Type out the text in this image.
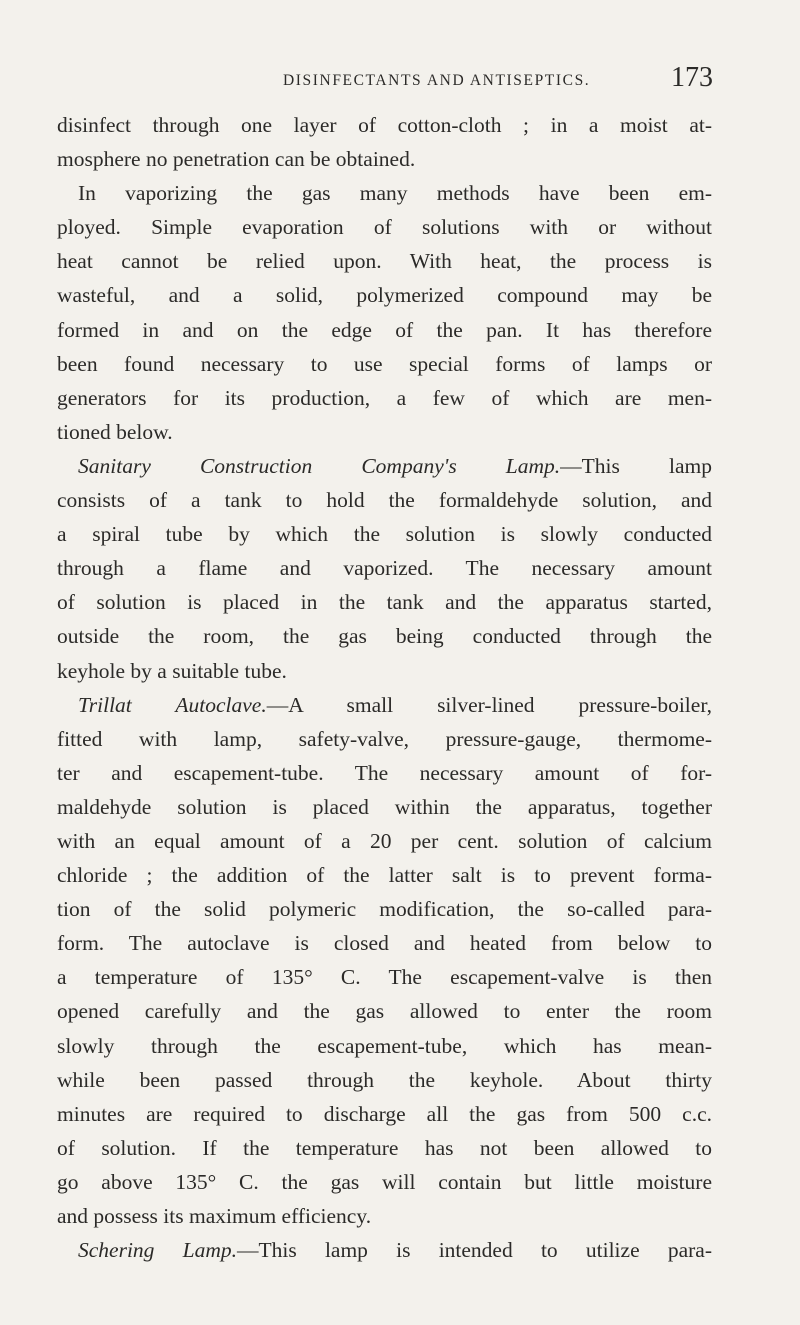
DISINFECTANTS AND ANTISEPTICS.	173
disinfect through one layer of cotton-cloth ; in a moist at-
mosphere no penetration can be obtained.
In vaporizing the gas many methods have been em-
ployed. Simple evaporation of solutions with or without
heat cannot be relied upon. With heat, the process is
wasteful, and a solid, polymerized compound may be
formed in and on the edge of the pan. It has therefore
been found necessary to use special forms of lamps or
generators for its production, a few of which are men-
tioned below.
Sanitary Construction Company's Lamp.—This lamp
consists of a tank to hold the formaldehyde solution, and
a spiral tube by which the solution is slowly conducted
through a flame and vaporized. The necessary amount
of solution is placed in the tank and the apparatus started,
outside the room, the gas being conducted through the
keyhole by a suitable tube.
Trillat Autoclave.—A small silver-lined pressure-boiler,
fitted with lamp, safety-valve, pressure-gauge, thermome-
ter and escapement-tube. The necessary amount of for-
maldehyde solution is placed within the apparatus, together
with an equal amount of a 20 per cent. solution of calcium
chloride ; the addition of the latter salt is to prevent forma-
tion of the solid polymeric modification, the so-called para-
form. The autoclave is closed and heated from below to
a temperature of 135° C. The escapement-valve is then
opened carefully and the gas allowed to enter the room
slowly through the escapement-tube, which has mean-
while been passed through the keyhole. About thirty
minutes are required to discharge all the gas from 500 c.c.
of solution. If the temperature has not been allowed to
go above 135° C. the gas will contain but little moisture
and possess its maximum efficiency.
Schering Lamp.—This lamp is intended to utilize para-
